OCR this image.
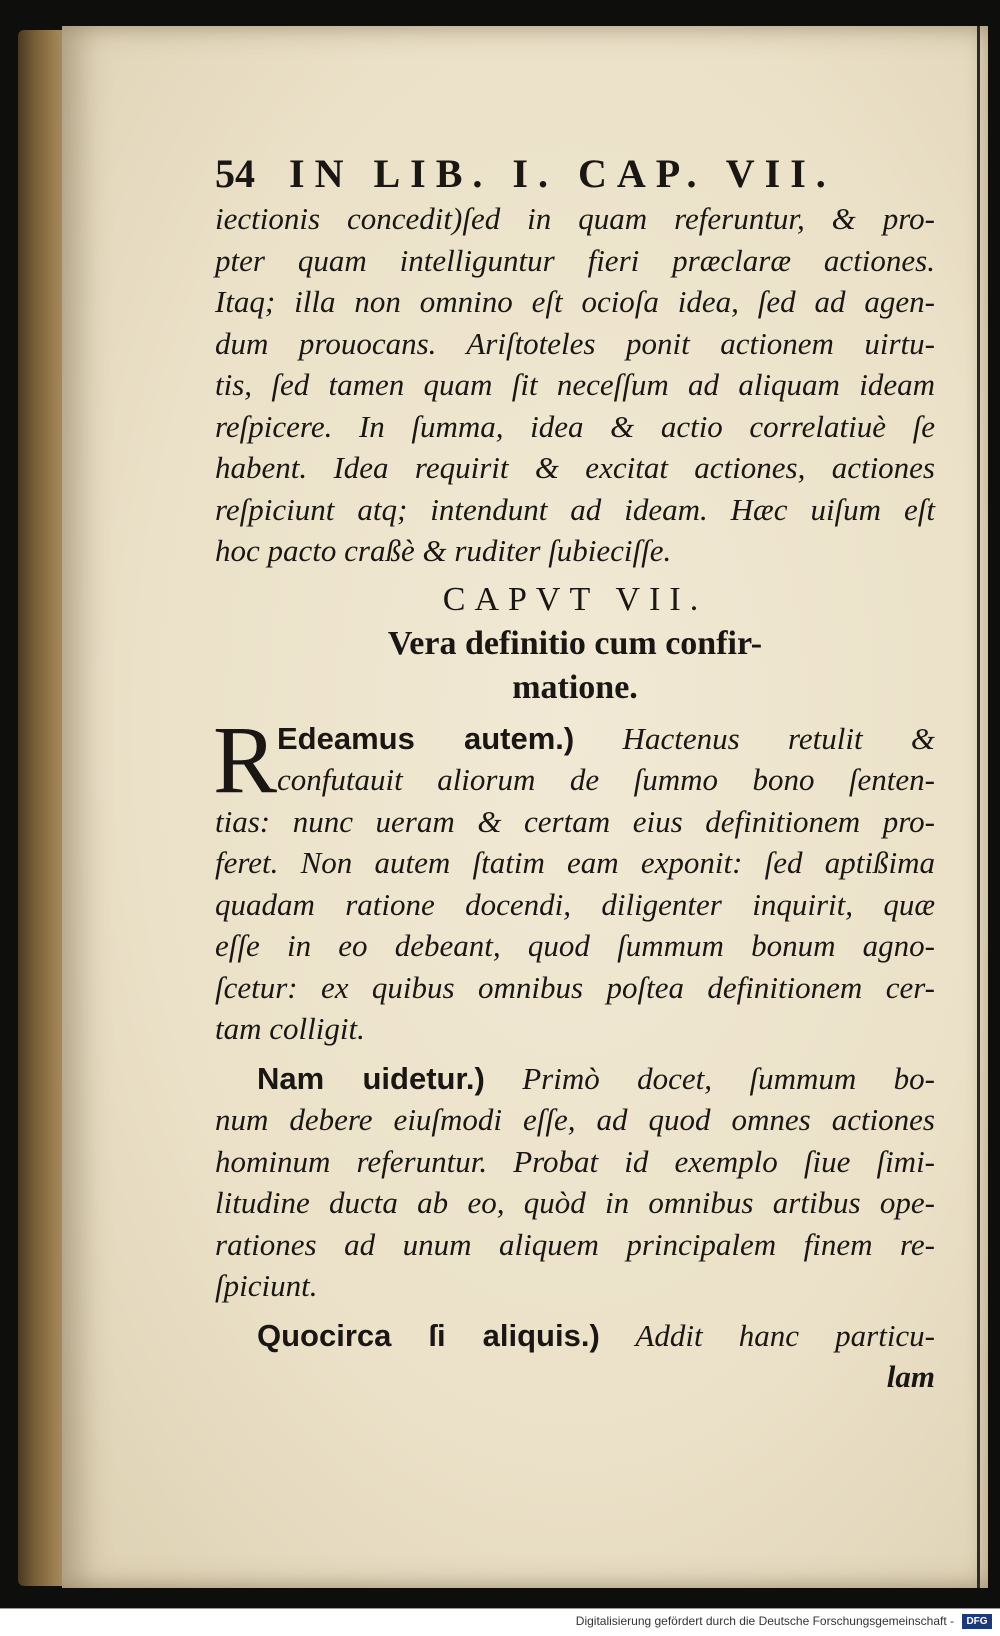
54 IN LIB. I. CAP. VII.
iectionis concedit)ſed in quam referuntur, & pro-
pter quam intelliguntur fieri præclaræ actiones.
Itaq; illa non omnino eſt ocioſa idea, ſed ad agen-
dum prouocans. Ariſtoteles ponit actionem uirtu-
tis, ſed tamen quam ſit neceſſum ad aliquam ideam
reſpicere. In ſumma, idea & actio correlatiuè ſe
habent. Idea requirit & excitat actiones, actiones
reſpiciunt atq; intendunt ad ideam. Hæc uiſum eſt
hoc pacto craßè & ruditer ſubieciſſe.
CAPVT VII.
Vera definitio cum confir-
matione.
R Edeamus autem.) Hactenus retulit &
confutauit aliorum de ſummo bono ſenten-
tias: nunc ueram & certam eius definitionem pro-
feret. Non autem ſtatim eam exponit: ſed aptißima
quadam ratione docendi, diligenter inquirit, quæ
eſſe in eo debeant, quod ſummum bonum agno-
ſcetur: ex quibus omnibus poſtea definitionem cer-
tam colligit.
Nam uidetur.) Primò docet, ſummum bo-
num debere eiuſmodi eſſe, ad quod omnes actiones
hominum referuntur. Probat id exemplo ſiue ſimi-
litudine ducta ab eo, quòd in omnibus artibus ope-
rationes ad unum aliquem principalem finem re-
ſpiciunt.
Quocirca ſi aliquis.) Addit hanc particu-
lam
Digitalisierung gefördert durch die Deutsche Forschungsgemeinschaft -	DFG
